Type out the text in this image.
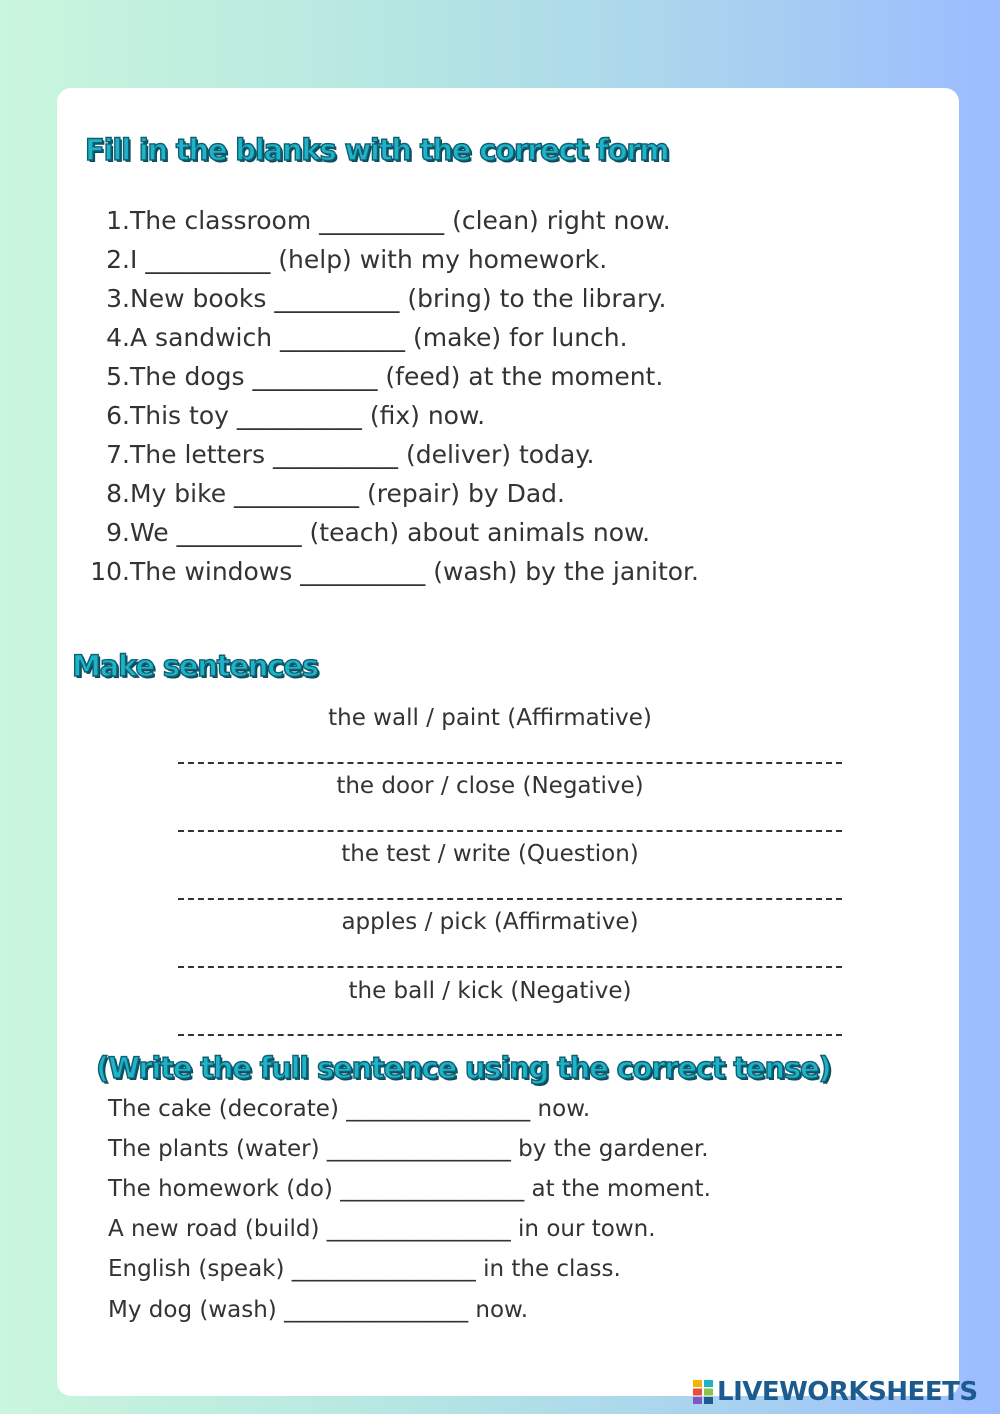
Fill in the blanks with the correct form
1.The classroom __________ (clean) right now.
2.I __________ (help) with my homework.
3.New books __________ (bring) to the library.
4.A sandwich __________ (make) for lunch.
5.The dogs __________ (feed) at the moment.
6.This toy __________ (fix) now.
7.The letters __________ (deliver) today.
8.My bike __________ (repair) by Dad.
9.We __________ (teach) about animals now.
10.The windows __________ (wash) by the janitor.
Make sentences
the wall / paint (Affirmative)
the door / close (Negative)
the test / write (Question)
apples / pick (Affirmative)
the ball / kick (Negative)
(Write the full sentence using the correct tense)
The cake (decorate) ________________ now.
The plants (water) ________________ by the gardener.
The homework (do) ________________ at the moment.
A new road (build) ________________ in our town.
English (speak) ________________ in the class.
My dog (wash) ________________ now.
LIVEWORKSHEETS
